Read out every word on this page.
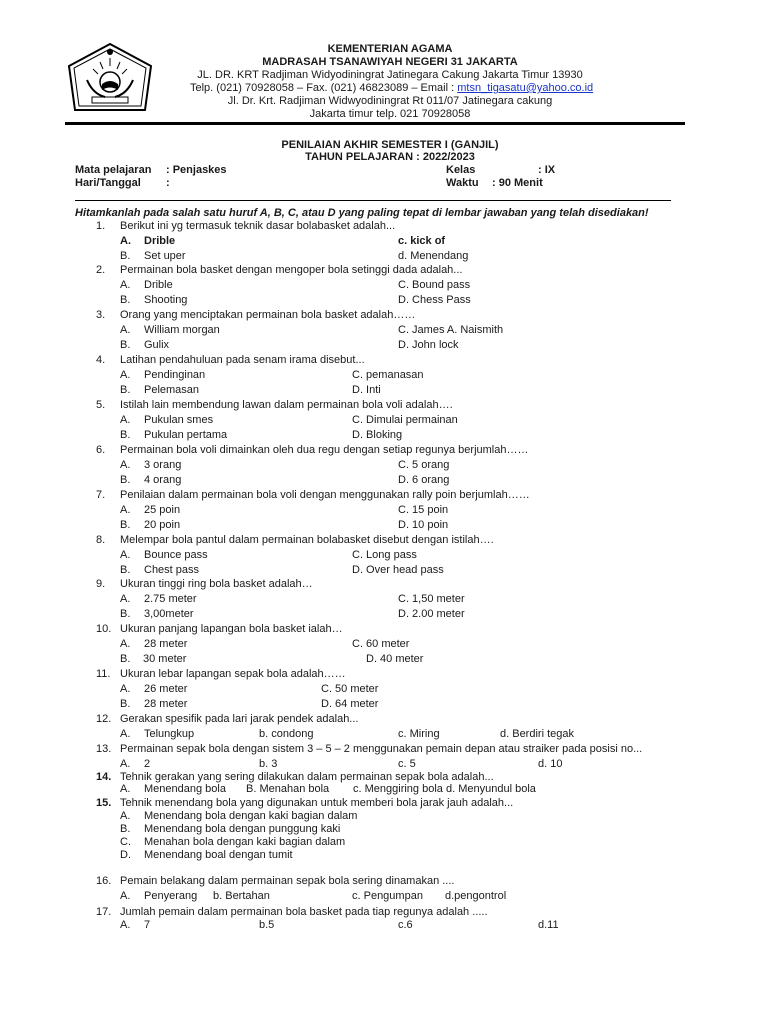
KEMENTERIAN AGAMA
MADRASAH TSANAWIYAH NEGERI 31 JAKARTA
JL. DR. KRT Radjiman Widyodiningrat Jatinegara Cakung Jakarta Timur 13930
Telp. (021) 70928058 – Fax. (021) 46823089 – Email : mtsn_tigasatu@yahoo.co.id
Jl. Dr. Krt. Radjiman Widwyodiningrat Rt 011/07 Jatinegara cakung
Jakarta timur telp. 021 70928058
PENILAIAN AKHIR SEMESTER I (GANJIL)
TAHUN PELAJARAN : 2022/2023
Mata pelajaran : Penjaskes
Hari/Tanggal :
Kelas	: IX
Waktu : 90 Menit
Hitamkanlah pada salah satu huruf A, B, C, atau D yang paling tepat di lembar jawaban yang telah disediakan!
1. Berikut ini yg termasuk teknik dasar bolabasket adalah...
A. Drible	c. kick of
B. Set uper	d. Menendang
2. Permainan bola basket dengan mengoper bola setinggi dada adalah...
A. Drible	C. Bound pass
B. Shooting	D. Chess Pass
3. Orang yang menciptakan permainan bola basket adalah……
A. William morgan	C. James A. Naismith
B. Gulix	D. John lock
4. Latihan pendahuluan pada senam irama disebut...
A. Pendinginan	C. pemanasan
B. Pelemasan	D. Inti
5. Istilah lain membendung lawan dalam permainan bola voli adalah….
A. Pukulan smes	C. Dimulai permainan
B. Pukulan pertama	D. Bloking
6. Permainan bola voli dimainkan oleh dua regu dengan setiap regunya berjumlah……
A. 3 orang	C. 5 orang
B. 4 orang	D. 6 orang
7. Penilaian dalam permainan bola voli dengan menggunakan rally poin berjumlah……
A. 25 poin	C. 15 poin
B. 20 poin	D. 10 poin
8. Melempar bola pantul dalam permainan bolabasket disebut dengan istilah….
A. Bounce pass	C. Long pass
B. Chest pass	D. Over head pass
9. Ukuran tinggi ring bola basket adalah…
A. 2.75 meter	C. 1,50 meter
B. 3,00meter	D. 2.00 meter
10. Ukuran panjang lapangan bola basket ialah…
A. 28 meter	C. 60 meter
B. 30 meter	D. 40 meter
11. Ukuran lebar lapangan sepak bola adalah……
A. 26 meter	C. 50 meter
B. 28 meter	D. 64 meter
12. Gerakan spesifik pada lari jarak pendek adalah...
A. Telungkup	b. condong	c. Miring	d. Berdiri tegak
13. Permainan sepak bola dengan sistem 3 – 5 – 2 menggunakan pemain depan atau straiker pada posisi no...
A. 2	b. 3	c. 5	d. 10
14. Tehnik gerakan yang sering dilakukan dalam permainan sepak bola adalah...
A. Menendang bola B. Menahan bola c. Menggiring bola d. Menyundul bola
15. Tehnik menendang bola yang digunakan untuk memberi bola jarak jauh adalah...
A. Menendang bola dengan kaki bagian dalam
B. Menendang bola dengan punggung kaki
C. Menahan bola dengan kaki bagian dalam
D. Menendang boal dengan tumit
16. Pemain belakang dalam permainan sepak bola sering dinamakan ....
A. Penyerang b. Bertahan	c. Pengumpan d.pengontrol
17. Jumlah pemain dalam permainan bola basket pada tiap regunya adalah .....
A. 7	b.5	c.6	d.11
